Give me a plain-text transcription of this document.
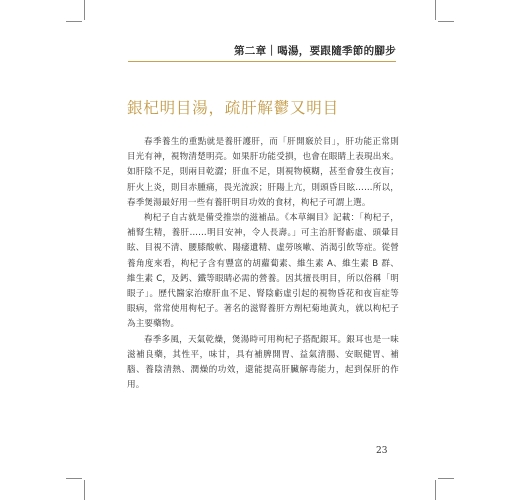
第二章｜喝湯，要跟隨季節的腳步
銀杞明目湯，疏肝解鬱又明目

春季養生的重點就是養肝護肝，而「肝開竅於目」，肝功能正常則目光有神，視物清楚明亮。如果肝功能受損，也會在眼睛上表現出來。如肝陰不足，則兩目乾澀；肝血不足，則視物模糊，甚至會發生夜盲；肝火上炎，則目赤腫痛，畏光流淚；肝陽上亢，則頭昏目眩……所以，春季煲湯最好用一些有養肝明目功效的食材，枸杞子可謂上選。

枸杞子自古就是備受推崇的滋補品。《本草綱目》記載：「枸杞子，補腎生精，養肝……明目安神，令人長壽。」可主治肝腎虧虛、頭暈目眩、目視不清、腰膝酸軟、陽痿遺精、虛勞咳嗽、消渴引飲等症。從營養角度來看，枸杞子含有豐富的胡蘿蔔素、維生素 A、維生素 B 群、維生素 C，及鈣、鐵等眼睛必需的營養。因其擅長明目，所以俗稱「明眼子」。歷代醫家治療肝血不足、腎陰虧虛引起的視物昏花和夜盲症等眼病，常常使用枸杞子。著名的滋腎養肝方劑杞菊地黃丸，就以枸杞子為主要藥物。

春季多風，天氣乾燥，煲湯時可用枸杞子搭配銀耳。銀耳也是一味滋補良藥，其性平，味甘，具有補脾開胃、益氣清腸、安眠健胃、補腦、養陰清熱、潤燥的功效，還能提高肝臟解毒能力，起到保肝的作用。

23
